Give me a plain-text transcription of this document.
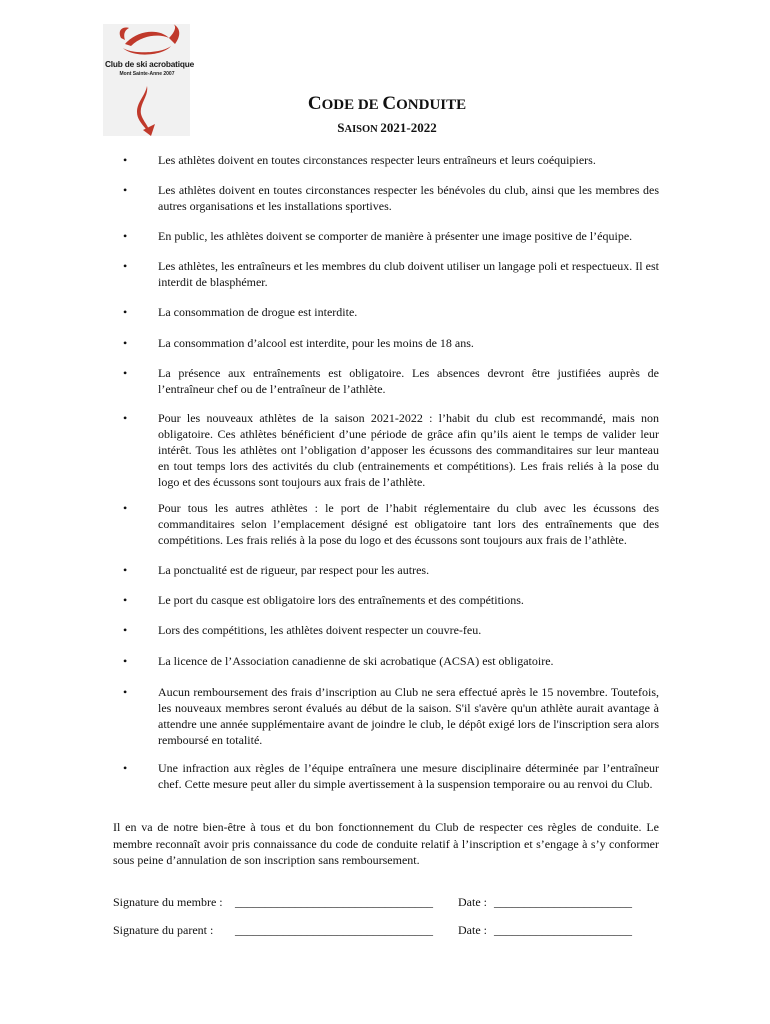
Club de ski acrobatique
Mont Sainte-Anne 2007
CODE DE CONDUITE
SAISON 2021-2022
•	Les athlètes doivent en toutes circonstances respecter leurs entraîneurs et leurs coéquipiers.
•	Les athlètes doivent en toutes circonstances respecter les bénévoles du club, ainsi que les membres des autres organisations et les installations sportives.
•	En public, les athlètes doivent se comporter de manière à présenter une image positive de l’équipe.
•	Les athlètes, les entraîneurs et les membres du club doivent utiliser un langage poli et respectueux. Il est interdit de blasphémer.
•	La consommation de drogue est interdite.
•	La consommation d’alcool est interdite, pour les moins de 18 ans.
•	La présence aux entraînements est obligatoire. Les absences devront être justifiées auprès de l’entraîneur chef ou de l’entraîneur de l’athlète.
•	Pour les nouveaux athlètes de la saison 2021-2022 : l’habit du club est recommandé, mais non obligatoire. Ces athlètes bénéficient d’une période de grâce afin qu’ils aient le temps de valider leur intérêt. Tous les athlètes ont l’obligation d’apposer les écussons des commanditaires sur leur manteau en tout temps lors des activités du club (entrainements et compétitions). Les frais reliés à la pose du logo et des écussons sont toujours aux frais de l’athlète.
•	Pour tous les autres athlètes : le port de l’habit réglementaire du club avec les écussons des commanditaires selon l’emplacement désigné est obligatoire tant lors des entraînements que des compétitions. Les frais reliés à la pose du logo et des écussons sont toujours aux frais de l’athlète.
•	La ponctualité est de rigueur, par respect pour les autres.
•	Le port du casque est obligatoire lors des entraînements et des compétitions.
•	Lors des compétitions, les athlètes doivent respecter un couvre-feu.
•	La licence de l’Association canadienne de ski acrobatique (ACSA) est obligatoire.
•	Aucun remboursement des frais d’inscription au Club ne sera effectué après le 15 novembre. Toutefois, les nouveaux membres seront évalués au début de la saison. S'il s'avère qu'un athlète aurait avantage à attendre une année supplémentaire avant de joindre le club, le dépôt exigé lors de l'inscription sera alors remboursé en totalité.
•	Une infraction aux règles de l’équipe entraînera une mesure disciplinaire déterminée par l’entraîneur chef. Cette mesure peut aller du simple avertissement à la suspension temporaire ou au renvoi du Club.
Il en va de notre bien-être à tous et du bon fonctionnement du Club de respecter ces règles de conduite. Le membre reconnaît avoir pris connaissance du code de conduite relatif à l’inscription et s’engage à s’y conformer sous peine d’annulation de son inscription sans remboursement.
Signature du membre : _________________________________ Date : _______________________
Signature du parent : _________________________________ Date : _______________________
